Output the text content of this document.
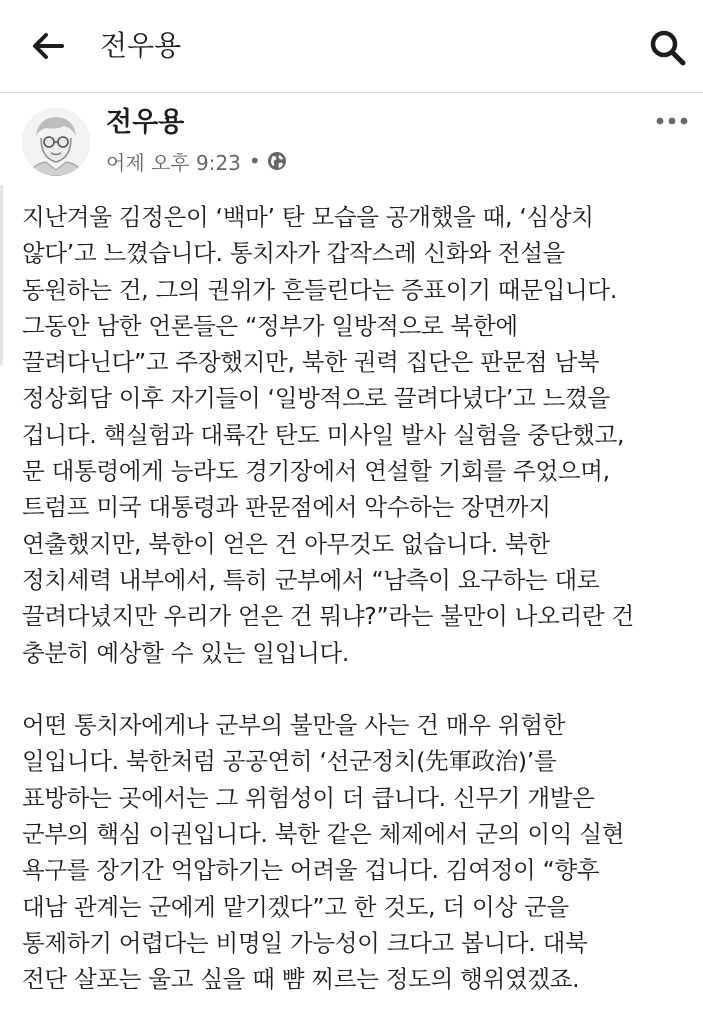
전우용
전우용
어제 오후 9:23 •
지난겨울 김정은이 ‘백마’ 탄 모습을 공개했을 때, ‘심상치
않다’고 느꼈습니다. 통치자가 갑작스레 신화와 전설을
동원하는 건, 그의 권위가 흔들린다는 증표이기 때문입니다.
그동안 남한 언론들은 “정부가 일방적으로 북한에
끌려다닌다”고 주장했지만, 북한 권력 집단은 판문점 남북
정상회담 이후 자기들이 ‘일방적으로 끌려다녔다’고 느꼈을
겁니다. 핵실험과 대륙간 탄도 미사일 발사 실험을 중단했고,
문 대통령에게 능라도 경기장에서 연설할 기회를 주었으며,
트럼프 미국 대통령과 판문점에서 악수하는 장면까지
연출했지만, 북한이 얻은 건 아무것도 없습니다. 북한
정치세력 내부에서, 특히 군부에서 “남측이 요구하는 대로
끌려다녔지만 우리가 얻은 건 뭐냐?”라는 불만이 나오리란 건
충분히 예상할 수 있는 일입니다.
어떤 통치자에게나 군부의 불만을 사는 건 매우 위험한
일입니다. 북한처럼 공공연히 ‘선군정치(先軍政治)’를
표방하는 곳에서는 그 위험성이 더 큽니다. 신무기 개발은
군부의 핵심 이권입니다. 북한 같은 체제에서 군의 이익 실현
욕구를 장기간 억압하기는 어려울 겁니다. 김여정이 “향후
대남 관계는 군에게 맡기겠다”고 한 것도, 더 이상 군을
통제하기 어렵다는 비명일 가능성이 크다고 봅니다. 대북
전단 살포는 울고 싶을 때 뺨 찌르는 정도의 행위였겠죠.
